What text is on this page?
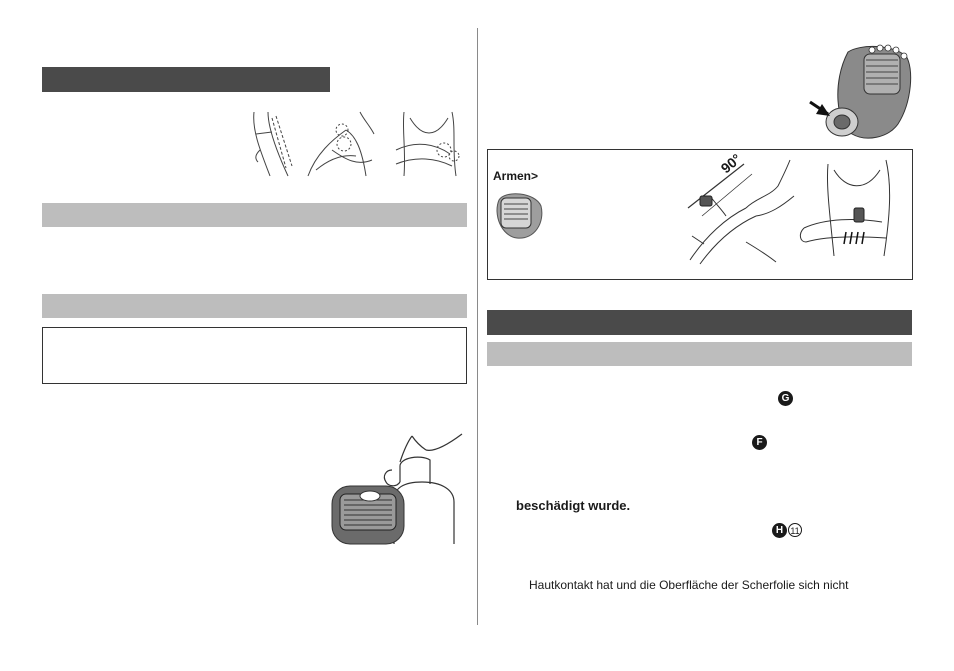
Armen>	90°
G
F
beschädigt wurde.
H 11
Hautkontakt hat und die Oberfläche der Scherfolie sich nicht
